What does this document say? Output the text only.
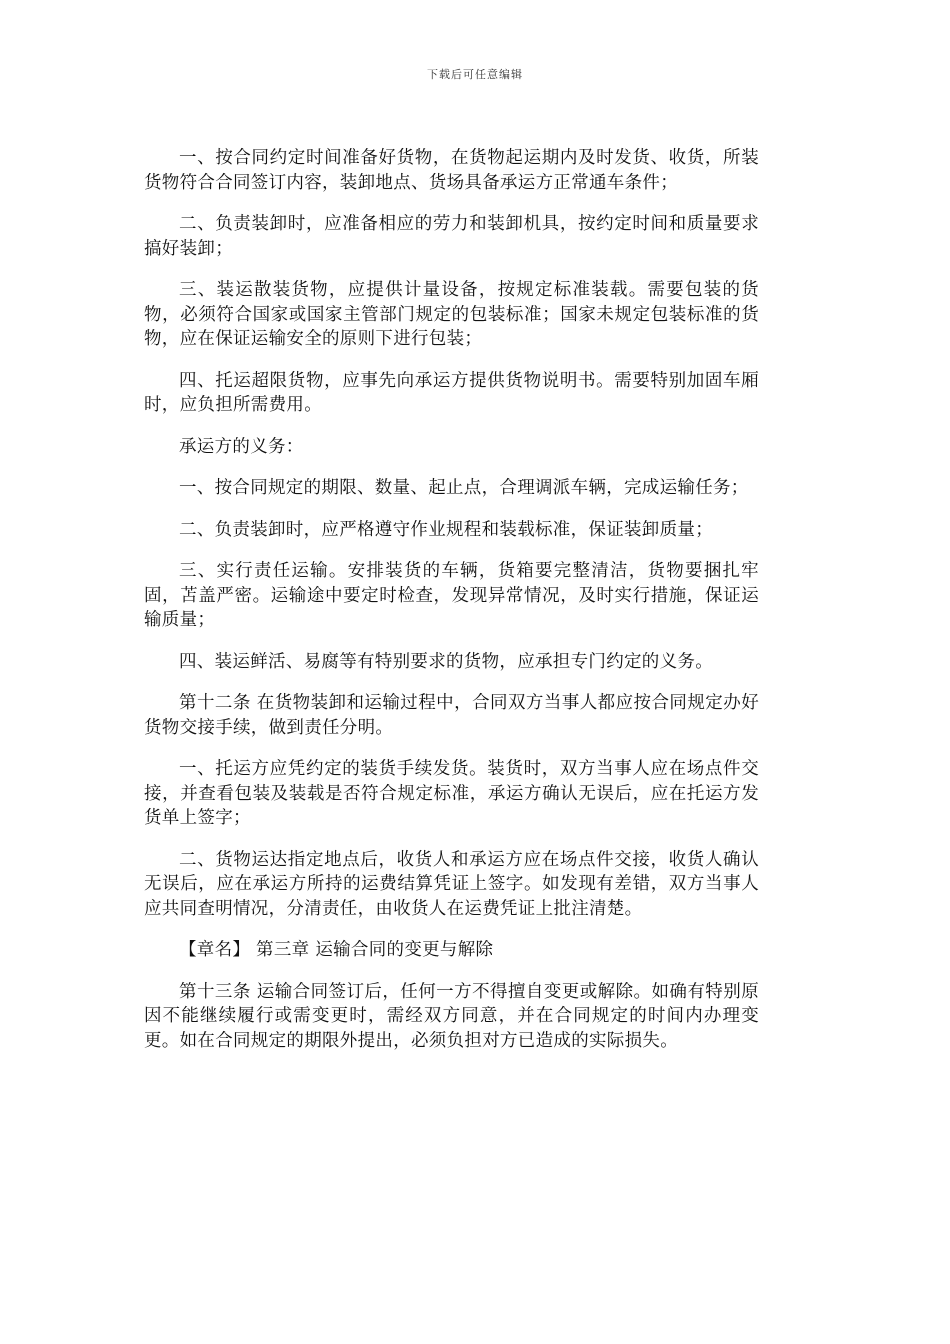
下载后可任意编辑

一、按合同约定时间准备好货物，在货物起运期内及时发货、收货，所装货物符合合同签订内容，装卸地点、货场具备承运方正常通车条件；

二、负责装卸时，应准备相应的劳力和装卸机具，按约定时间和质量要求搞好装卸；

三、装运散装货物，应提供计量设备，按规定标准装载。需要包装的货物，必须符合国家或国家主管部门规定的包装标准；国家未规定包装标准的货物，应在保证运输安全的原则下进行包装；

四、托运超限货物，应事先向承运方提供货物说明书。需要特别加固车厢时，应负担所需费用。

承运方的义务：

一、按合同规定的期限、数量、起止点，合理调派车辆，完成运输任务；

二、负责装卸时，应严格遵守作业规程和装载标准，保证装卸质量；

三、实行责任运输。安排装货的车辆，货箱要完整清洁，货物要捆扎牢固，苫盖严密。运输途中要定时检查，发现异常情况，及时实行措施，保证运输质量；

四、装运鲜活、易腐等有特别要求的货物，应承担专门约定的义务。

第十二条 在货物装卸和运输过程中，合同双方当事人都应按合同规定办好货物交接手续，做到责任分明。

一、托运方应凭约定的装货手续发货。装货时，双方当事人应在场点件交接，并查看包装及装载是否符合规定标准，承运方确认无误后，应在托运方发货单上签字；

二、货物运达指定地点后，收货人和承运方应在场点件交接，收货人确认无误后，应在承运方所持的运费结算凭证上签字。如发现有差错，双方当事人应共同查明情况，分清责任，由收货人在运费凭证上批注清楚。

【章名】 第三章 运输合同的变更与解除

第十三条 运输合同签订后，任何一方不得擅自变更或解除。如确有特别原因不能继续履行或需变更时，需经双方同意，并在合同规定的时间内办理变更。如在合同规定的期限外提出，必须负担对方已造成的实际损失。
